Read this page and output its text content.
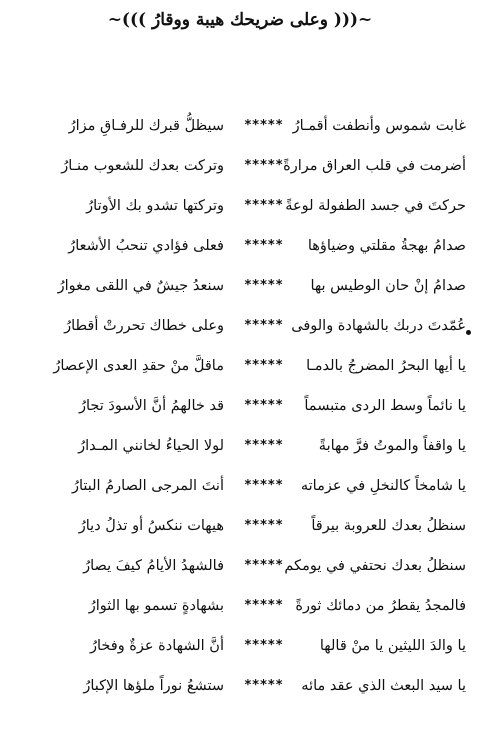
~((( وعلى ضريحك هيبة ووقارُ )))~
غابت شموس وأنطفت أقمـارُ
*****
سيظلُّ قبرك للرفـاقِ مزارُ
أضرمت في قلب العراق مرارةً
*****
وتركت بعدك للشعوب منـارُ
حركتَ في جسد الطفولة لوعةً
*****
وتركتها تشدو بك الأوتارُ
صدامُ بهجةُ مقلتي وضياؤها
*****
فعلى فؤادي تنحبُ الأشعارُ
صدامُ إنْ حان الوطيس بها
*****
سنعدُ جيشٌ في اللقى مغوارُ
عُمّدتَ دربك بالشهادة والوفى
*****
وعلى خطاك تحررتْ أقطارُ
يا أيها البحرُ المضرجُ بالدمـا
*****
ماقلَّ منْ حقدِ العدى الإعصارُ
يا نائماً وسط الردى متبسماً
*****
قد خالهمُ أنَّ الأسودَ تجارُ
يا واقفاً والموتُ فرَّ مهابةً
*****
لولا الحياءُ لخانني المـدارُ
يا شامخاً كالنخلِ في عزماته
*****
أنتَ المرجى الصارمُ البتارُ
سنظلُ بعدك للعروبة بيرقاً
*****
هيهات ننكسُ أو تذلُ ديارُ
سنظلُ بعدك نحتفي في يومكم
*****
فالشهدُ الأيامُ كيفَ يصارُ
فالمجدُ يقطرُ من دمائك ثورةً
*****
بشهادةٍ تسمو بها الثوارُ
يا والدَ الليثين يا منْ قالها
*****
أنَّ الشهادة عزةٌ وفخارُ
يا سيد البعث الذي عقد مائه
*****
ستشعُ نوراً ملؤها الإكبارُ
